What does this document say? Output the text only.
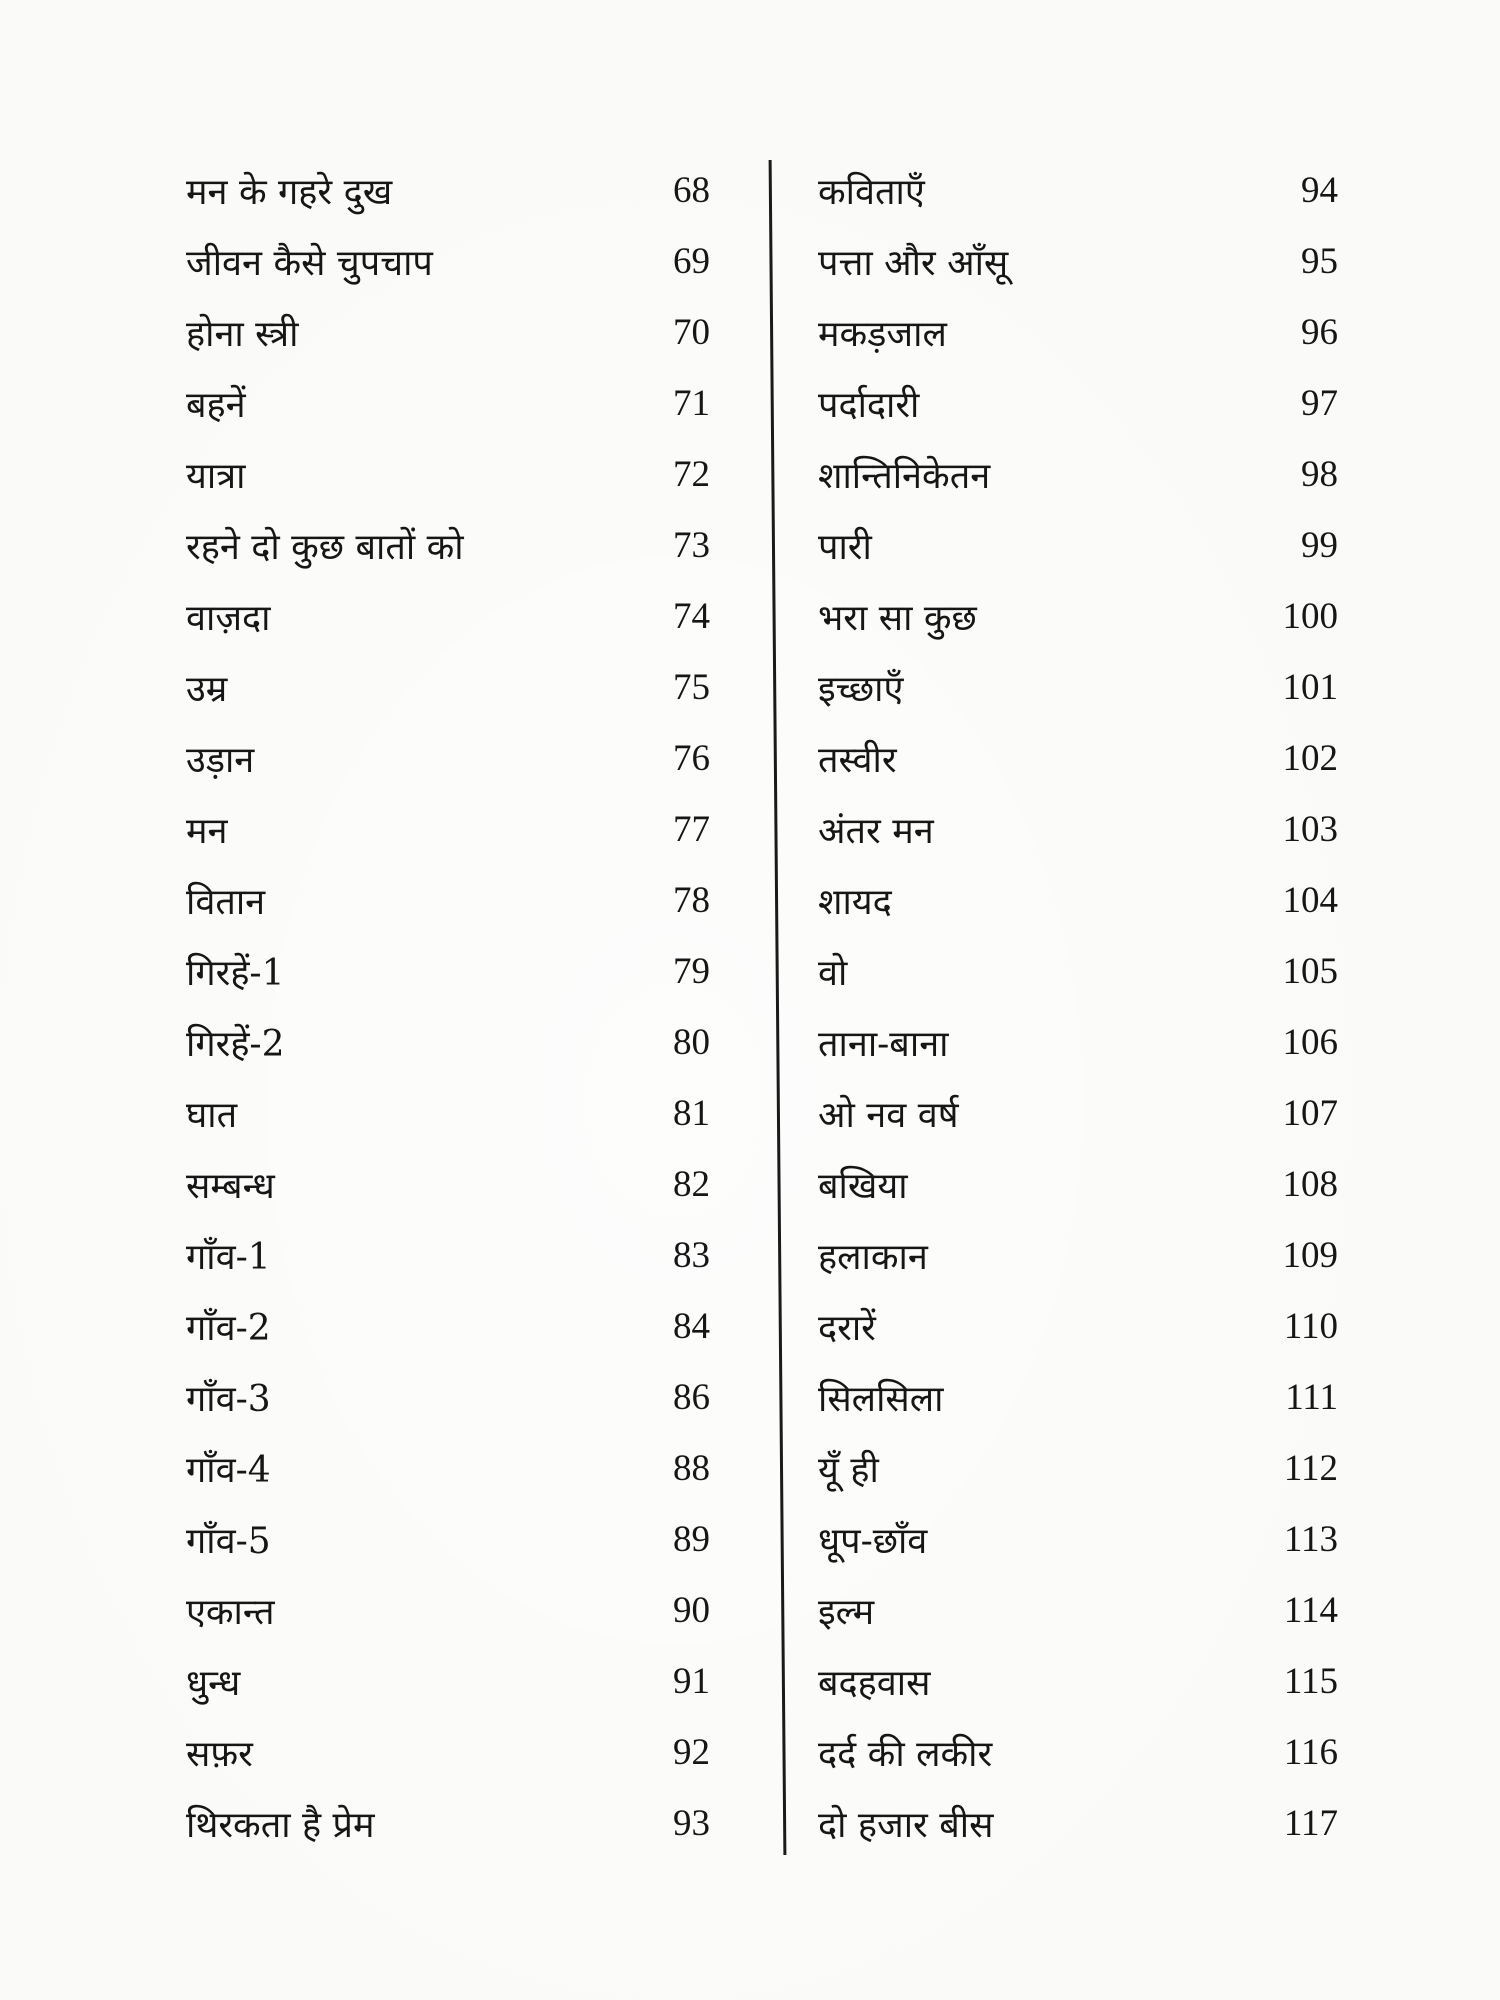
मन के गहरे दुख	68
जीवन कैसे चुपचाप	69
होना स्त्री	70
बहनें	71
यात्रा	72
रहने दो कुछ बातों को	73
वाज़दा	74
उम्र	75
उड़ान	76
मन	77
वितान	78
गिरहें-1	79
गिरहें-2	80
घात	81
सम्बन्ध	82
गाँव-1	83
गाँव-2	84
गाँव-3	86
गाँव-4	88
गाँव-5	89
एकान्त	90
धुन्ध	91
सफ़र	92
थिरकता है प्रेम	93
कविताएँ	94
पत्ता और आँसू	95
मकड़जाल	96
पर्दादारी	97
शान्तिनिकेतन	98
पारी	99
भरा सा कुछ	100
इच्छाएँ	101
तस्वीर	102
अंतर मन	103
शायद	104
वो	105
ताना-बाना	106
ओ नव वर्ष	107
बखिया	108
हलाकान	109
दरारें	110
सिलसिला	111
यूँ ही	112
धूप-छाँव	113
इल्म	114
बदहवास	115
दर्द की लकीर	116
दो हजार बीस	117
